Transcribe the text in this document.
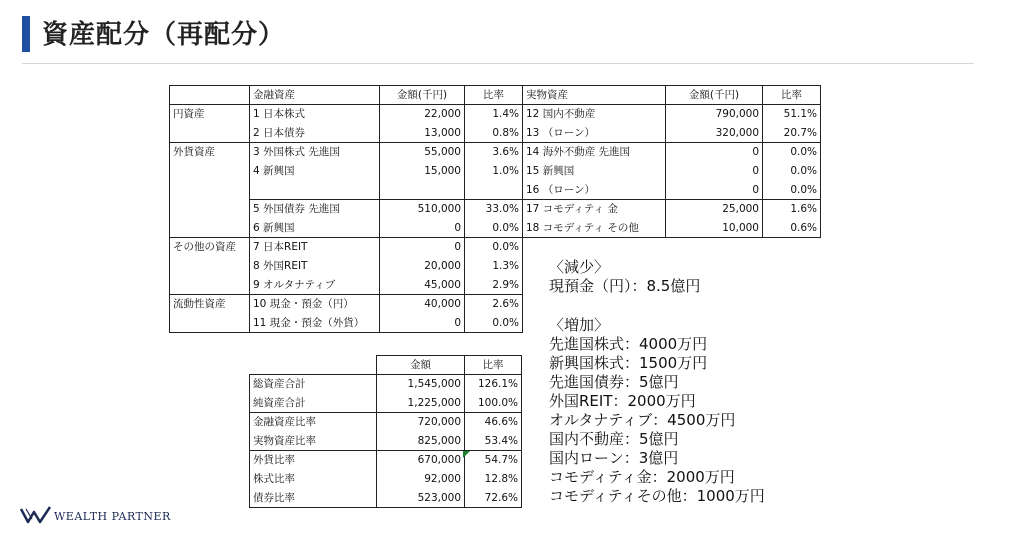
資産配分（再配分）
	金融資産	金額(千円)	比率	実物資産	金額(千円)	比率
円資産	1 日本株式	22,000	1.4%	12 国内不動産	790,000	51.1%
	2 日本債券	13,000	0.8%	13 （ローン）	320,000	20.7%
外貨資産	3 外国株式 先進国	55,000	3.6%	14 海外不動産 先進国	0	0.0%
	4 新興国	15,000	1.0%	15 新興国	0	0.0%
				16 （ローン）	0	0.0%
	5 外国債券 先進国	510,000	33.0%	17 コモディティ 金	25,000	1.6%
	6 新興国	0	0.0%	18 コモディティ その他	10,000	0.6%
その他の資産	7 日本REIT	0	0.0%			
	8 外国REIT	20,000	1.3%			
	9 オルタナティブ	45,000	2.9%			
流動性資産	10 現金・預金（円）	40,000	2.6%			
	11 現金・預金（外貨）	0	0.0%			
	金額	比率
総資産合計	1,545,000	126.1%
純資産合計	1,225,000	100.0%
金融資産比率	720,000	46.6%
実物資産比率	825,000	53.4%
外貨比率	670,000	54.7%
株式比率	92,000	12.8%
債券比率	523,000	72.6%
〈減少〉
現預金（円）：8.5億円
〈増加〉
先進国株式：4000万円
新興国株式：1500万円
先進国債券：5億円
外国REIT：2000万円
オルタナティブ：4500万円
国内不動産：5億円
国内ローン：3億円
コモディティ金：2000万円
コモディティその他：1000万円
WEALTH PARTNER
